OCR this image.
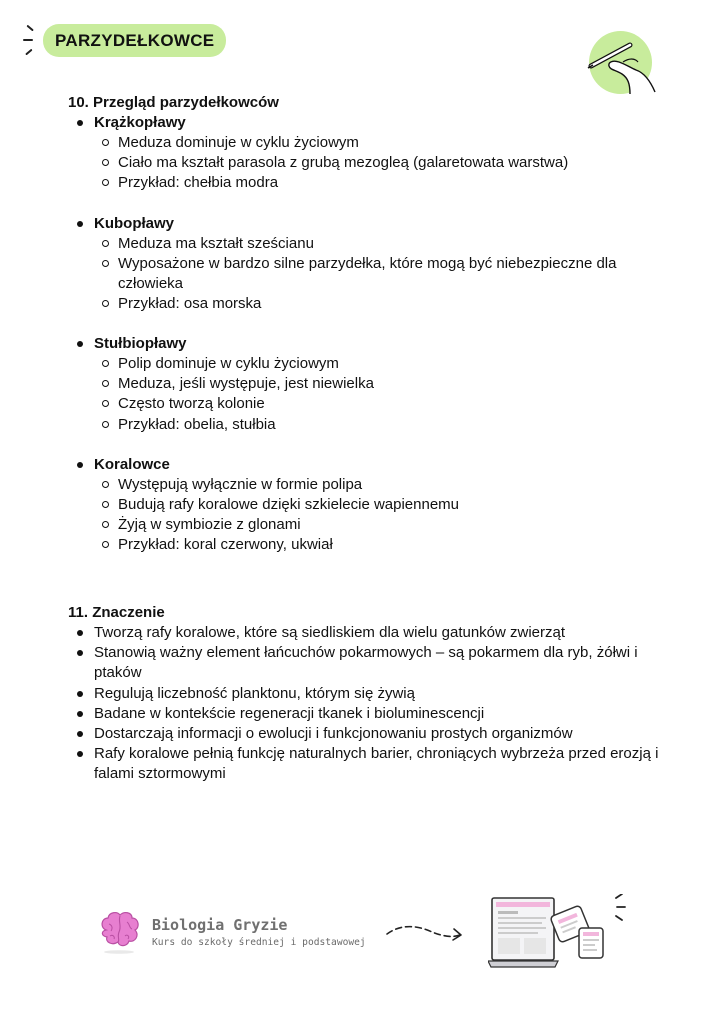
PARZYDEŁKOWCE
10. Przegląd parzydełkowców
Krążkopławy
Meduza dominuje w cyklu życiowym
Ciało ma kształt parasola z grubą mezogleą (galaretowata warstwa)
Przykład: chełbia modra
Kubopławy
Meduza ma kształt sześcianu
Wyposażone w bardzo silne parzydełka, które mogą być niebezpieczne dla człowieka
Przykład: osa morska
Stułbiopławy
Polip dominuje w cyklu życiowym
Meduza, jeśli występuje, jest niewielka
Często tworzą kolonie
Przykład: obelia, stułbia
Koralowce
Występują wyłącznie w formie polipa
Budują rafy koralowe dzięki szkielecie wapiennemu
Żyją w symbiozie z glonami
Przykład: koral czerwony, ukwiał
11. Znaczenie
Tworzą rafy koralowe, które są siedliskiem dla wielu gatunków zwierząt
Stanowią ważny element łańcuchów pokarmowych – są pokarmem dla ryb, żółwi i ptaków
Regulują liczebność planktonu, którym się żywią
Badane w kontekście regeneracji tkanek i bioluminescencji
Dostarczają informacji o ewolucji i funkcjonowaniu prostych organizmów
Rafy koralowe pełnią funkcję naturalnych barier, chroniących wybrzeża przed erozją i falami sztormowymi
Biologia Gryzie
Kurs do szkoły średniej i podstawowej
